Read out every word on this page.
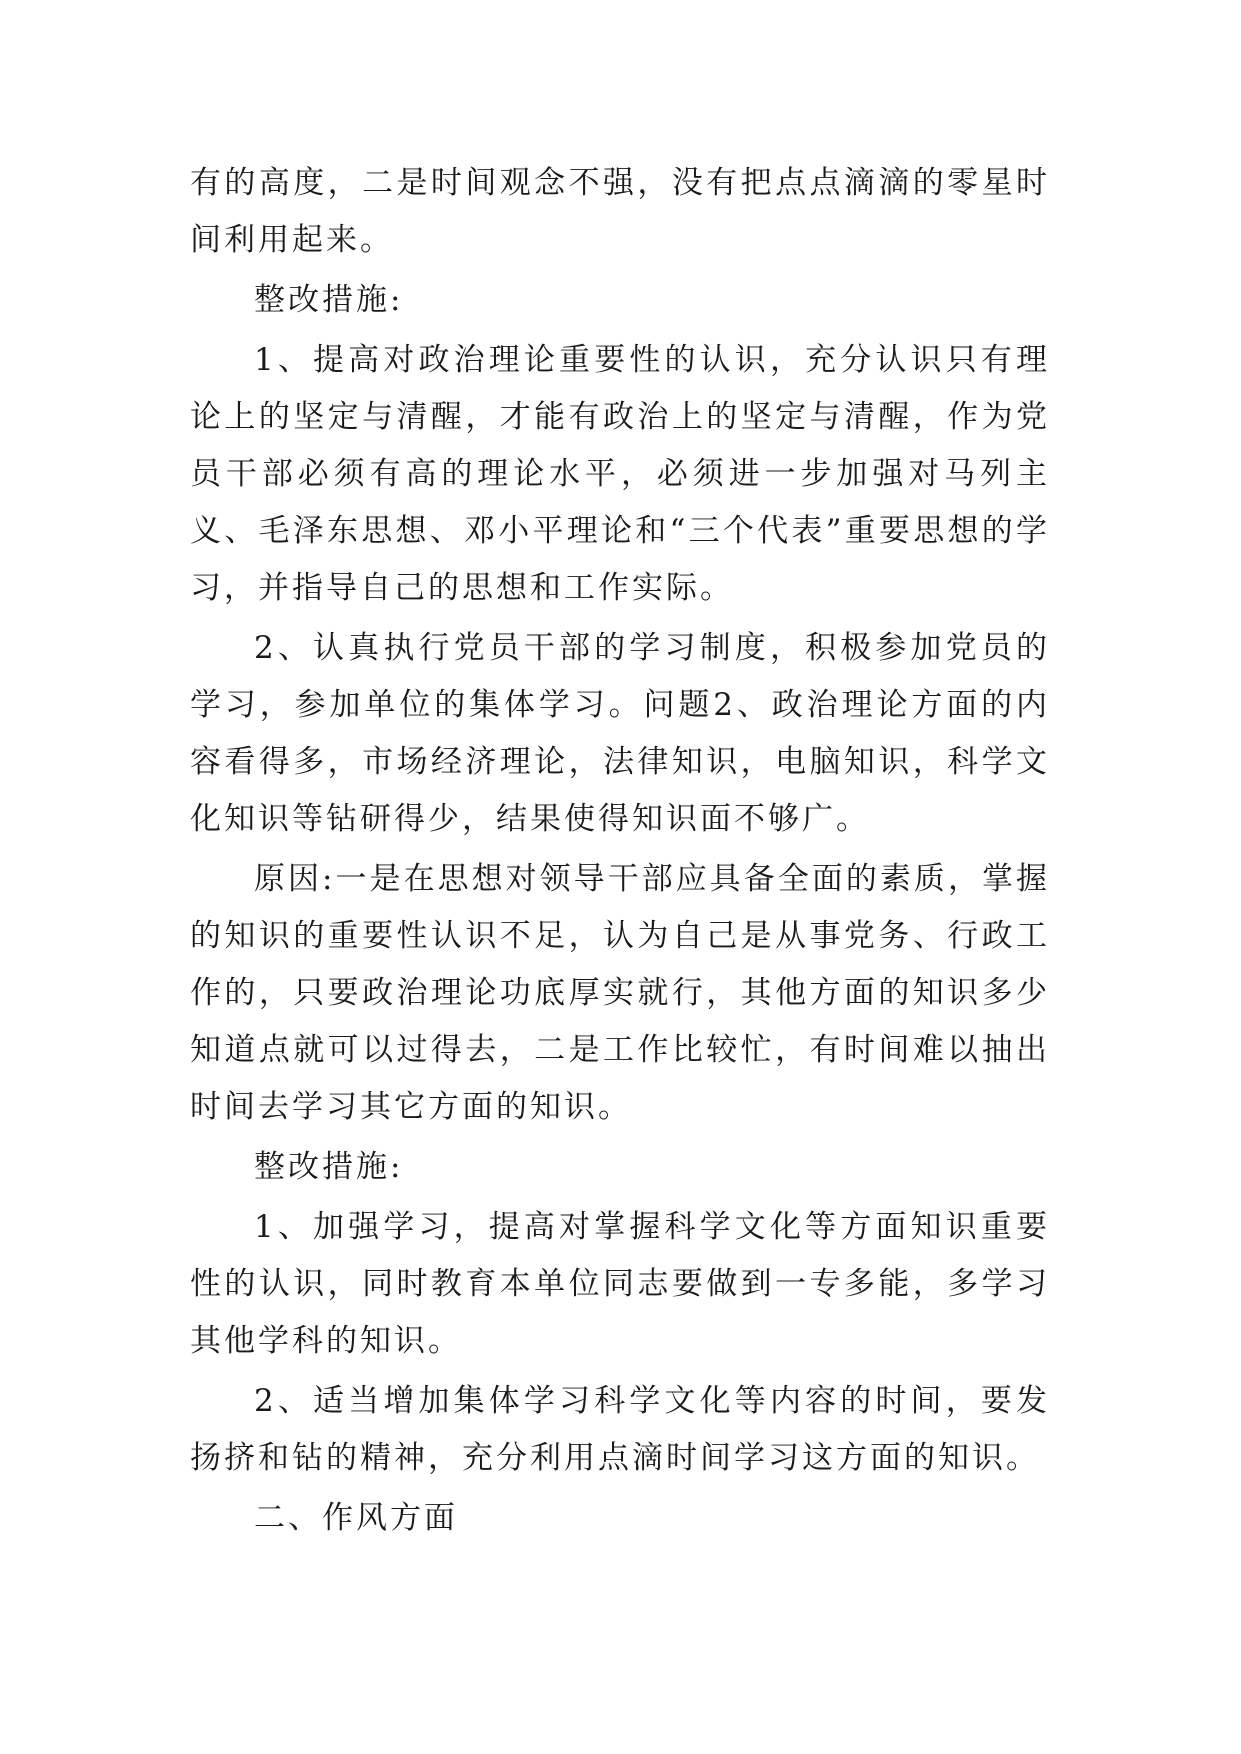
有的高度，二是时间观念不强，没有把点点滴滴的零星时间利用起来。

整改措施:

1、提高对政治理论重要性的认识，充分认识只有理论上的坚定与清醒，才能有政治上的坚定与清醒，作为党员干部必须有高的理论水平，必须进一步加强对马列主义、毛泽东思想、邓小平理论和“三个代表”重要思想的学习，并指导自己的思想和工作实际。

2、认真执行党员干部的学习制度，积极参加党员的学习，参加单位的集体学习。问题2、政治理论方面的内容看得多，市场经济理论，法律知识，电脑知识，科学文化知识等钻研得少，结果使得知识面不够广。

原因:一是在思想对领导干部应具备全面的素质，掌握的知识的重要性认识不足，认为自己是从事党务、行政工作的，只要政治理论功底厚实就行，其他方面的知识多少知道点就可以过得去，二是工作比较忙，有时间难以抽出时间去学习其它方面的知识。

整改措施:

1、加强学习，提高对掌握科学文化等方面知识重要性的认识，同时教育本单位同志要做到一专多能，多学习其他学科的知识。

2、适当增加集体学习科学文化等内容的时间，要发扬挤和钻的精神，充分利用点滴时间学习这方面的知识。

二、作风方面
